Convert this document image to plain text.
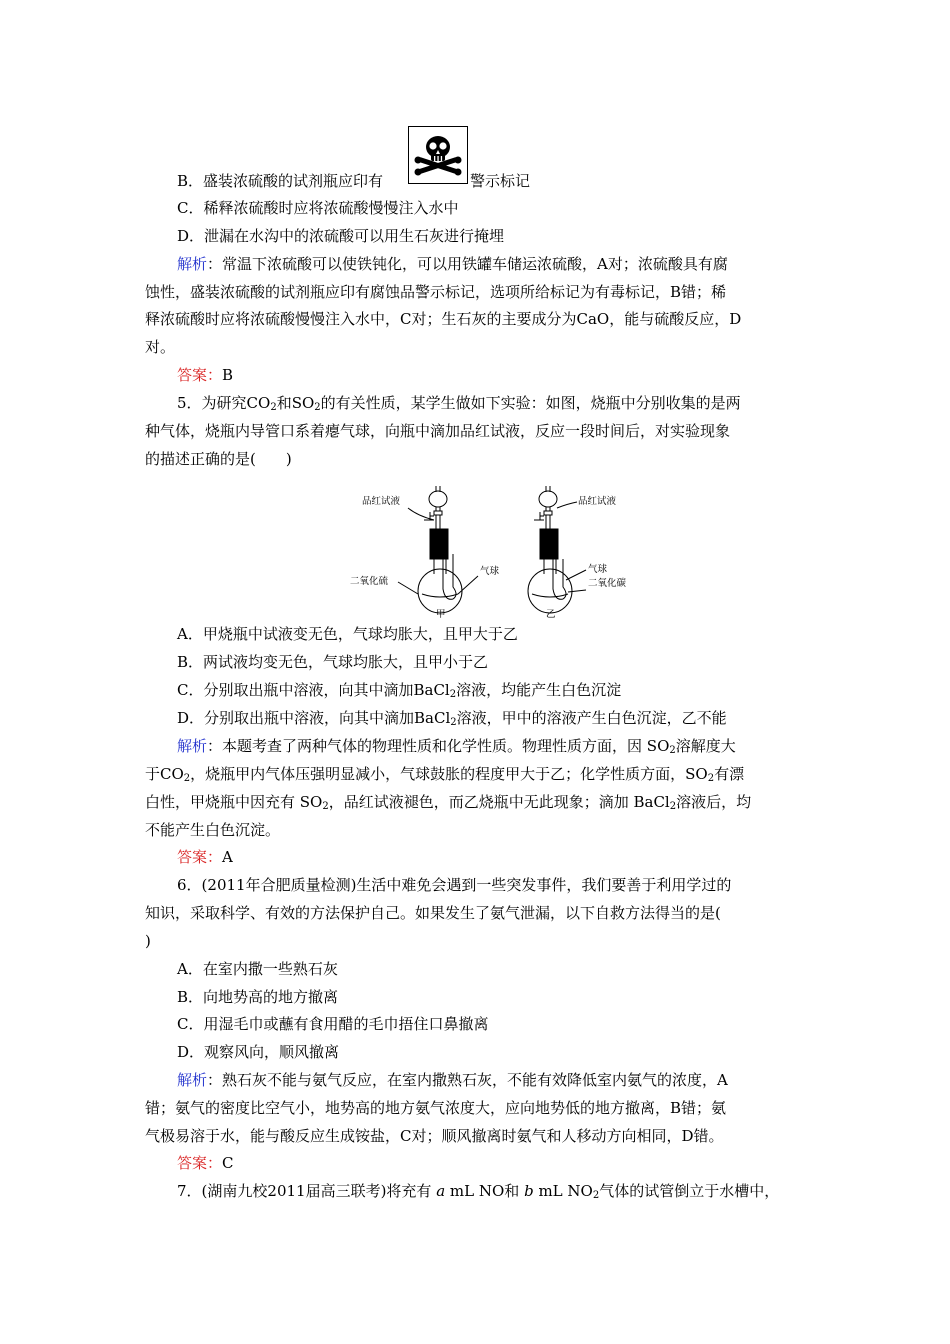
B．盛装浓硫酸的试剂瓶应印有	警示标记
C．稀释浓硫酸时应将浓硫酸慢慢注入水中
D．泄漏在水沟中的浓硫酸可以用生石灰进行掩埋
解析：常温下浓硫酸可以使铁钝化，可以用铁罐车储运浓硫酸，A对；浓硫酸具有腐
蚀性，盛装浓硫酸的试剂瓶应印有腐蚀品警示标记，选项所给标记为有毒标记，B错；稀
释浓硫酸时应将浓硫酸慢慢注入水中，C对；生石灰的主要成分为CaO，能与硫酸反应，D
对。
答案：B
5．为研究$CO_2$和$SO_2$的有关性质，某学生做如下实验：如图，烧瓶中分别收集的是两
种气体，烧瓶内导管口系着瘪气球，向瓶中滴加品红试液，反应一段时间后，对实验现象
的描述正确的是(　　)
品红试液
气球
二氧化硫
甲
品红试液
气球
二氧化碳
乙
A．甲烧瓶中试液变无色，气球均胀大，且甲大于乙
B．两试液均变无色，气球均胀大，且甲小于乙
C．分别取出瓶中溶液，向其中滴加BaCl$_2$溶液，均能产生白色沉淀
D．分别取出瓶中溶液，向其中滴加BaCl$_2$溶液，甲中的溶液产生白色沉淀，乙不能
解析：本题考查了两种气体的物理性质和化学性质。物理性质方面，因 $SO_2$溶解度大
于$CO_2$，烧瓶甲内气体压强明显减小，气球鼓胀的程度甲大于乙；化学性质方面，$SO_2$有漂
白性，甲烧瓶中因充有 $SO_2$，品红试液褪色，而乙烧瓶中无此现象；滴加 BaCl$_2$溶液后，均
不能产生白色沉淀。
答案：A
6．(2011年合肥质量检测)生活中难免会遇到一些突发事件，我们要善于利用学过的
知识，采取科学、有效的方法保护自己。如果发生了氨气泄漏，以下自救方法得当的是(
)
A．在室内撒一些熟石灰
B．向地势高的地方撤离
C．用湿毛巾或蘸有食用醋的毛巾捂住口鼻撤离
D．观察风向，顺风撤离
解析：熟石灰不能与氨气反应，在室内撒熟石灰，不能有效降低室内氨气的浓度，A
错；氨气的密度比空气小，地势高的地方氨气浓度大，应向地势低的地方撤离，B错；氨
气极易溶于水，能与酸反应生成铵盐，C对；顺风撤离时氨气和人移动方向相同，D错。
答案：C
7．(湖南九校2011届高三联考)将充有 a mL NO和 b mL $NO_2$气体的试管倒立于水槽中，
